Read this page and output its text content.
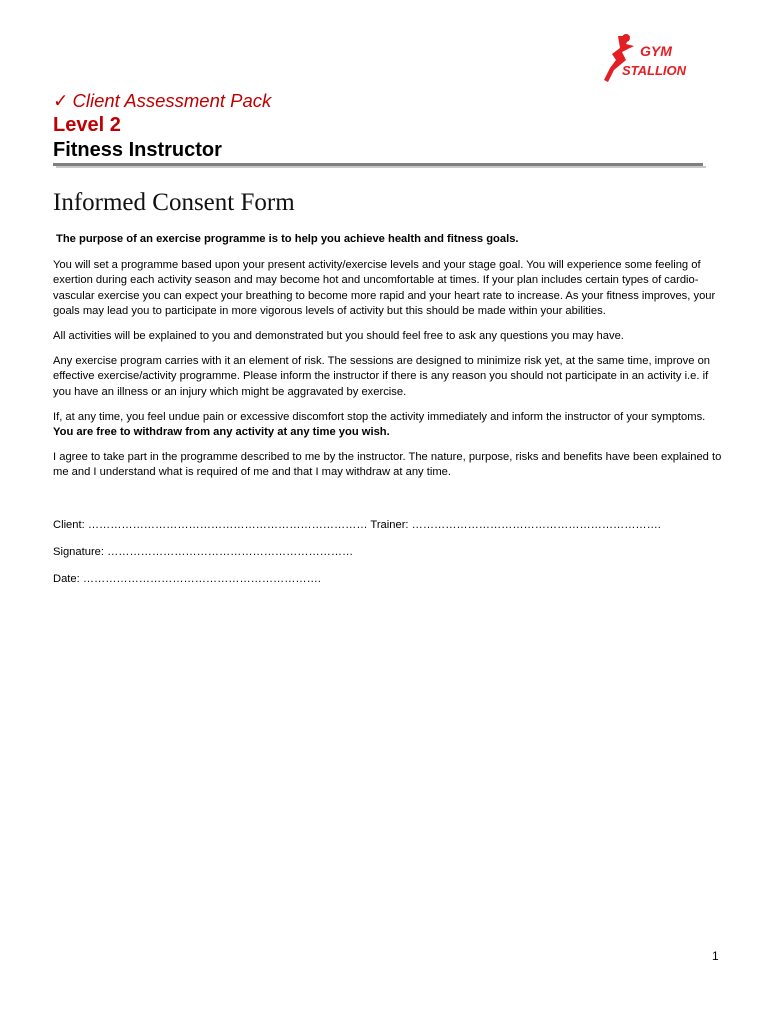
GYM
STALLION
✓ Client Assessment Pack
Level 2
Fitness Instructor
Informed Consent Form

The purpose of an exercise programme is to help you achieve health and fitness goals.

You will set a programme based upon your present activity/exercise levels and your stage goal. You will experience some feeling of exertion during each activity season and may become hot and uncomfortable at times. If your plan includes certain types of cardio-vascular exercise you can expect your breathing to become more rapid and your heart rate to increase. As your fitness improves, your goals may lead you to participate in more vigorous levels of activity but this should be made within your abilities.

All activities will be explained to you and demonstrated but you should feel free to ask any questions you may have.

Any exercise program carries with it an element of risk. The sessions are designed to minimize risk yet, at the same time, improve on effective exercise/activity programme. Please inform the instructor if there is any reason you should not participate in an activity i.e. if you have an illness or an injury which might be aggravated by exercise.

If, at any time, you feel undue pain or excessive discomfort stop the activity immediately and inform the instructor of your symptoms. You are free to withdraw from any activity at any time you wish.

I agree to take part in the programme described to me by the instructor. The nature, purpose, risks and benefits have been explained to me and I understand what is required of me and that I may withdraw at any time.

Client: ………………………………………………………………… Trainer: ………………………………………………………….
Signature: …………………………………………………………
Date: ……………………………………………………….
1
